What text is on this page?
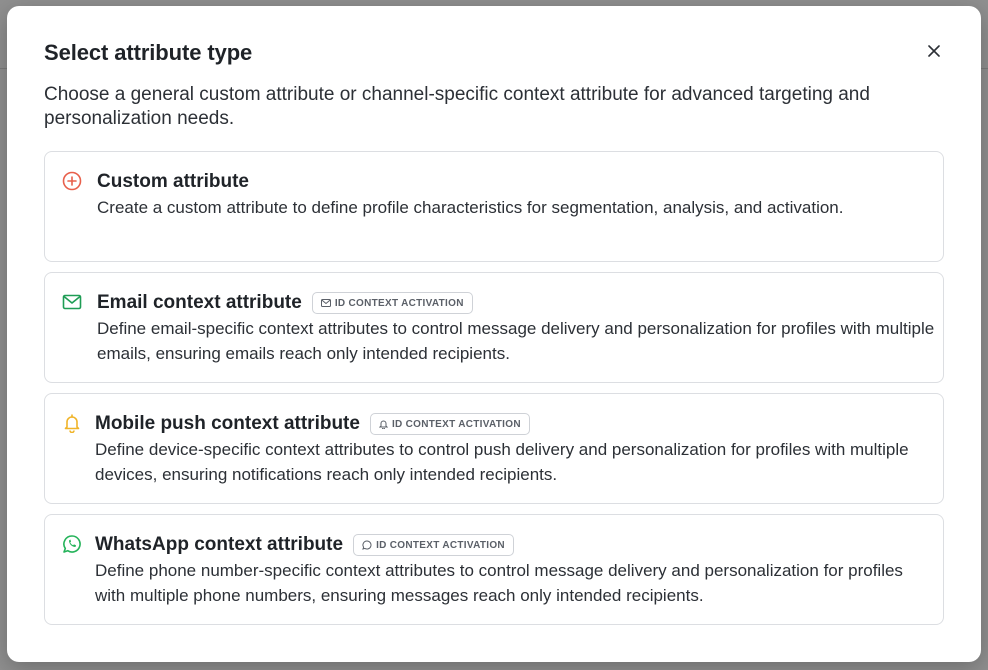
Select attribute type
Choose a general custom attribute or channel-specific context attribute for advanced targeting and personalization needs.
Custom attribute
Create a custom attribute to define profile characteristics for segmentation, analysis, and activation.
Email context attribute	ID CONTEXT ACTIVATION
Define email-specific context attributes to control message delivery and personalization for profiles with multiple emails, ensuring emails reach only intended recipients.
Mobile push context attribute	ID CONTEXT ACTIVATION
Define device-specific context attributes to control push delivery and personalization for profiles with multiple devices, ensuring notifications reach only intended recipients.
WhatsApp context attribute	ID CONTEXT ACTIVATION
Define phone number-specific context attributes to control message delivery and personalization for profiles with multiple phone numbers, ensuring messages reach only intended recipients.
